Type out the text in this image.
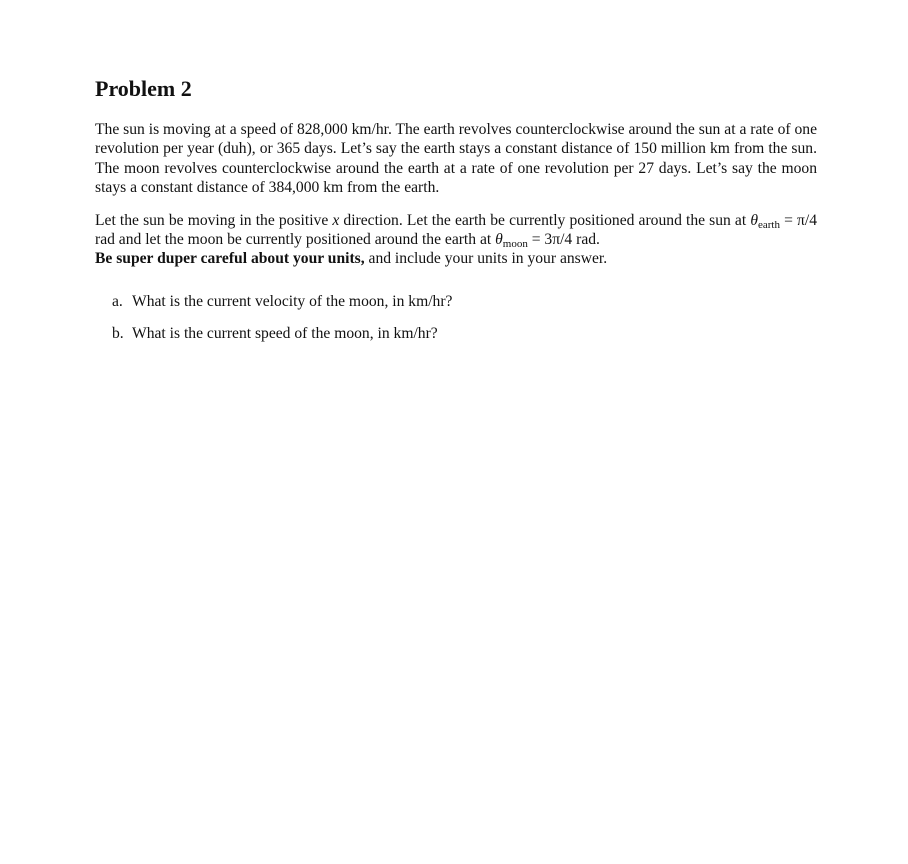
Problem 2

The sun is moving at a speed of 828,000 km/hr. The earth revolves counterclockwise around the sun at a rate of one revolution per year (duh), or 365 days. Let’s say the earth stays a constant distance of 150 million km from the sun. The moon revolves counterclockwise around the earth at a rate of one revolution per 27 days. Let’s say the moon stays a constant distance of 384,000 km from the earth.

Let the sun be moving in the positive x direction. Let the earth be currently positioned around the sun at $\theta_{earth} = \pi/4$ rad and let the moon be currently positioned around the earth at $\theta_{moon} = 3\pi/4$ rad.
Be super duper careful about your units, and include your units in your answer.

a. What is the current velocity of the moon, in km/hr?
b. What is the current speed of the moon, in km/hr?
